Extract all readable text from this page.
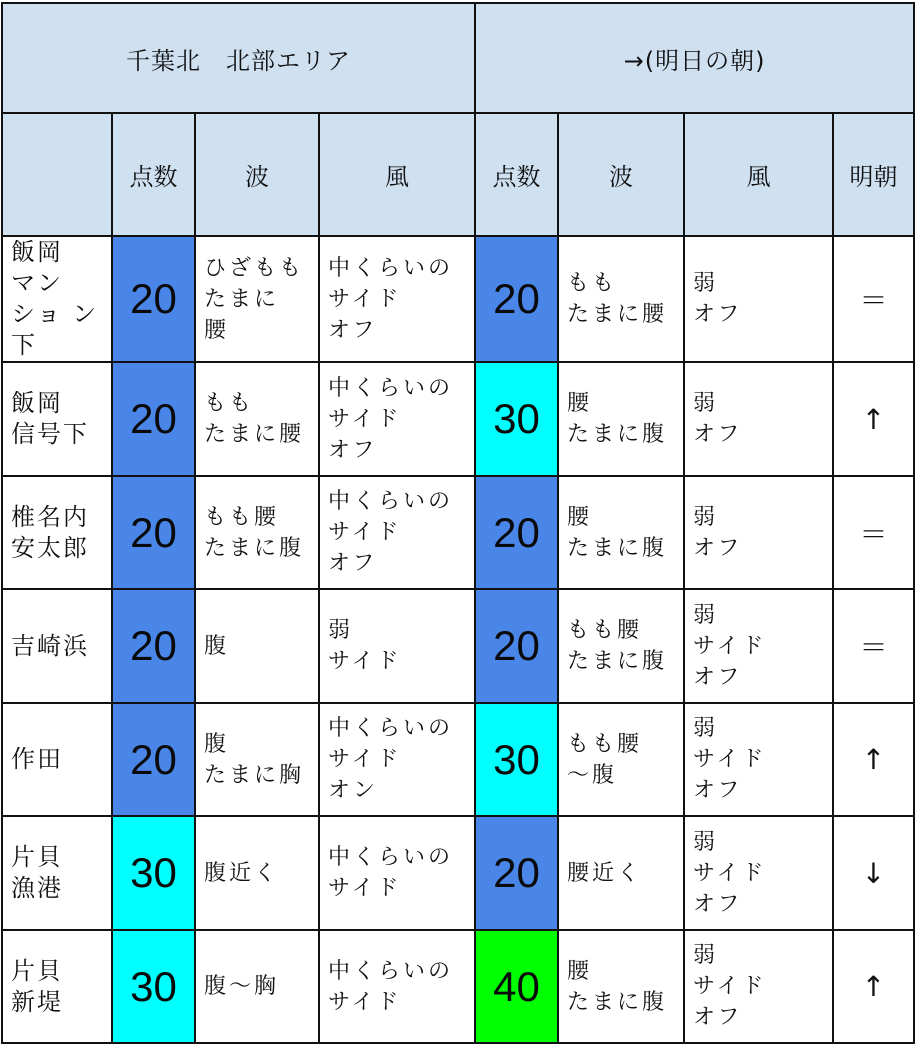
千葉北　北部エリア				→(明日の朝)			
	点数	波	風	点数	波	風	明朝
飯岡
マン
ショ ン
下	20	ひざもも
たまに
腰	中くらいの
サイド
オフ	20	もも
たまに腰	弱
オフ	＝
飯岡
信号下	20	もも
たまに腰	中くらいの
サイド
オフ	30	腰
たまに腹	弱
オフ	↑
椎名内
安太郎	20	もも腰
たまに腹	中くらいの
サイド
オフ	20	腰
たまに腹	弱
オフ	＝
吉崎浜	20	腹	弱
サイド	20	もも腰
たまに腹	弱
サイド
オフ	＝
作田	20	腹
たまに胸	中くらいの
サイド
オン	30	もも腰
〜腹	弱
サイド
オフ	↑
片貝
漁港	30	腹近く	中くらいの
サイド	20	腰近く	弱
サイド
オフ	↓
片貝
新堤	30	腹〜胸	中くらいの
サイド	40	腰
たまに腹	弱
サイド
オフ	↑
